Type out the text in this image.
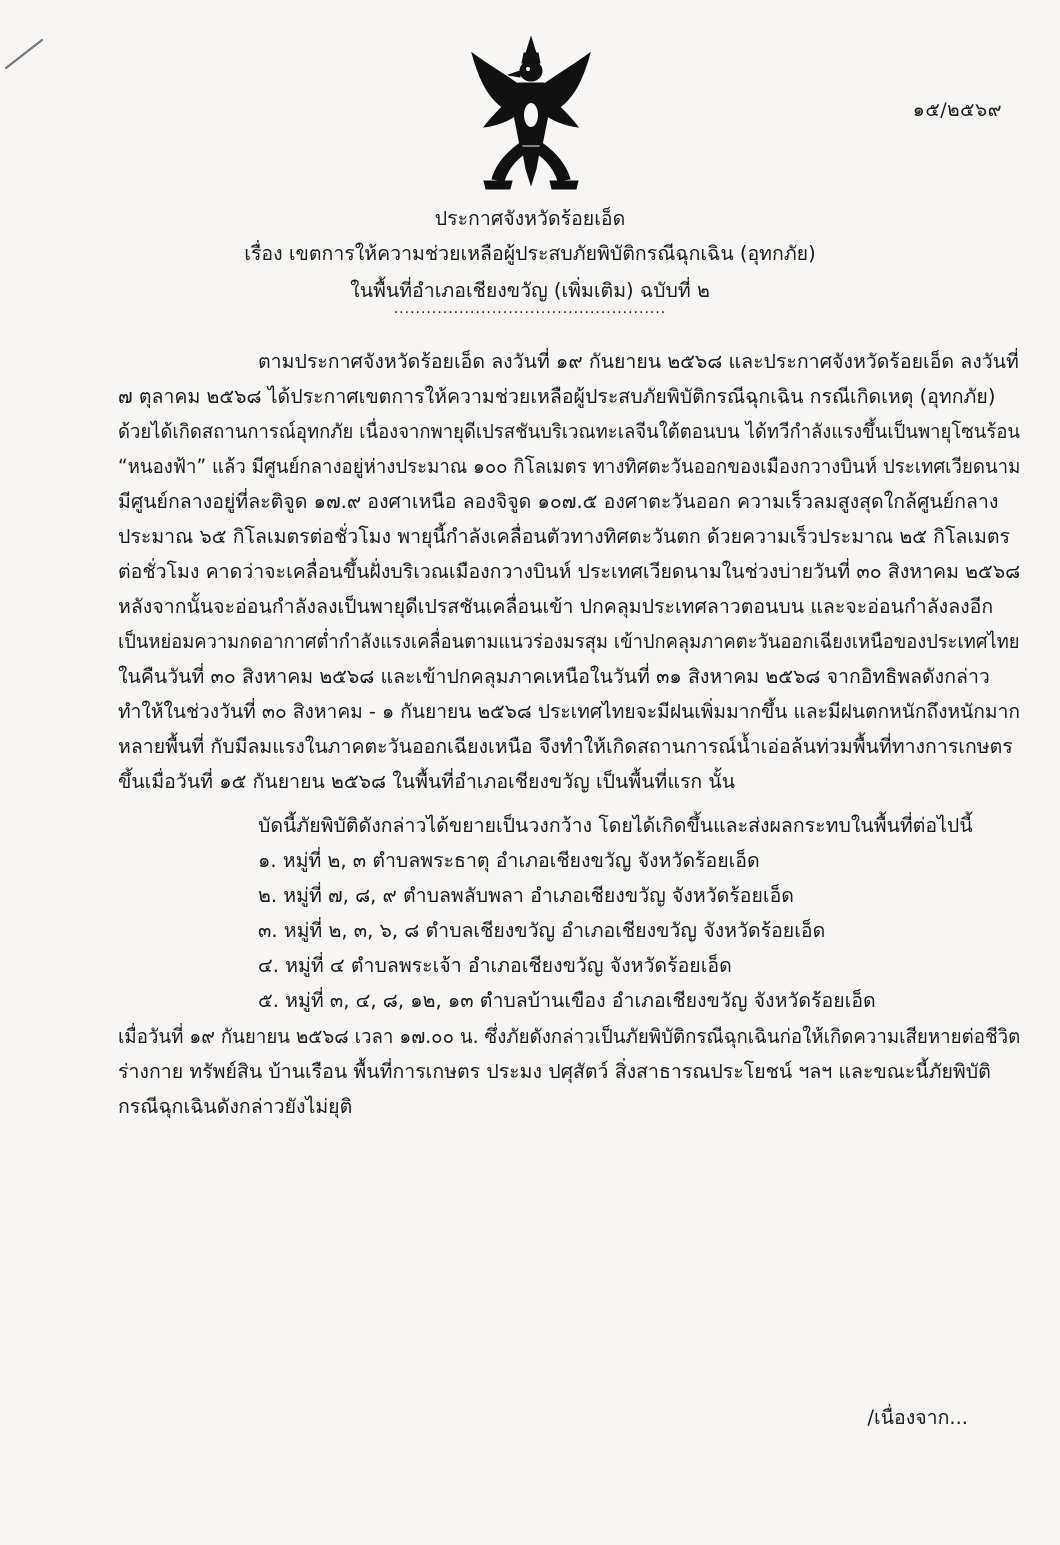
๑๕/๒๕๖๙
ประกาศจังหวัดร้อยเอ็ด
เรื่อง เขตการให้ความช่วยเหลือผู้ประสบภัยพิบัติกรณีฉุกเฉิน (อุทกภัย)
ในพื้นที่อำเภอเชียงขวัญ (เพิ่มเติม) ฉบับที่ ๒
..................................................
ตามประกาศจังหวัดร้อยเอ็ด ลงวันที่ ๑๙ กันยายน ๒๕๖๘ และประกาศจังหวัดร้อยเอ็ด ลงวันที่
๗ ตุลาคม ๒๕๖๘ ได้ประกาศเขตการให้ความช่วยเหลือผู้ประสบภัยพิบัติกรณีฉุกเฉิน กรณีเกิดเหตุ (อุทกภัย)
ด้วยได้เกิดสถานการณ์อุทกภัย เนื่องจากพายุดีเปรสชันบริเวณทะเลจีนใต้ตอนบน ได้ทวีกำลังแรงขึ้นเป็นพายุโซนร้อน
“หนองฟ้า” แล้ว มีศูนย์กลางอยู่ห่างประมาณ ๑๐๐ กิโลเมตร ทางทิศตะวันออกของเมืองกวางบินห์ ประเทศเวียดนาม
มีศูนย์กลางอยู่ที่ละติจูด ๑๗.๙ องศาเหนือ ลองจิจูด ๑๐๗.๕ องศาตะวันออก ความเร็วลมสูงสุดใกล้ศูนย์กลาง
ประมาณ ๖๕ กิโลเมตรต่อชั่วโมง พายุนี้กำลังเคลื่อนตัวทางทิศตะวันตก ด้วยความเร็วประมาณ ๒๕ กิโลเมตร
ต่อชั่วโมง คาดว่าจะเคลื่อนขึ้นฝั่งบริเวณเมืองกวางบินห์ ประเทศเวียดนามในช่วงบ่ายวันที่ ๓๐ สิงหาคม ๒๕๖๘
หลังจากนั้นจะอ่อนกำลังลงเป็นพายุดีเปรสชันเคลื่อนเข้า ปกคลุมประเทศลาวตอนบน และจะอ่อนกำลังลงอีก
เป็นหย่อมความกดอากาศต่ำกำลังแรงเคลื่อนตามแนวร่องมรสุม เข้าปกคลุมภาคตะวันออกเฉียงเหนือของประเทศไทย
ในคืนวันที่ ๓๐ สิงหาคม ๒๕๖๘ และเข้าปกคลุมภาคเหนือในวันที่ ๓๑ สิงหาคม ๒๕๖๘ จากอิทธิพลดังกล่าว
ทำให้ในช่วงวันที่ ๓๐ สิงหาคม - ๑ กันยายน ๒๕๖๘ ประเทศไทยจะมีฝนเพิ่มมากขึ้น และมีฝนตกหนักถึงหนักมาก
หลายพื้นที่ กับมีลมแรงในภาคตะวันออกเฉียงเหนือ จึงทำให้เกิดสถานการณ์น้ำเอ่อล้นท่วมพื้นที่ทางการเกษตร
ขึ้นเมื่อวันที่ ๑๕ กันยายน ๒๕๖๘ ในพื้นที่อำเภอเชียงขวัญ เป็นพื้นที่แรก นั้น
บัดนี้ภัยพิบัติดังกล่าวได้ขยายเป็นวงกว้าง โดยได้เกิดขึ้นและส่งผลกระทบในพื้นที่ต่อไปนี้
๑. หมู่ที่ ๒, ๓ ตำบลพระธาตุ อำเภอเชียงขวัญ จังหวัดร้อยเอ็ด
๒. หมู่ที่ ๗, ๘, ๙ ตำบลพลับพลา อำเภอเชียงขวัญ จังหวัดร้อยเอ็ด
๓. หมู่ที่ ๒, ๓, ๖, ๘ ตำบลเชียงขวัญ อำเภอเชียงขวัญ จังหวัดร้อยเอ็ด
๔. หมู่ที่ ๔ ตำบลพระเจ้า อำเภอเชียงขวัญ จังหวัดร้อยเอ็ด
๕. หมู่ที่ ๓, ๔, ๘, ๑๒, ๑๓ ตำบลบ้านเขือง อำเภอเชียงขวัญ จังหวัดร้อยเอ็ด
เมื่อวันที่ ๑๙ กันยายน ๒๕๖๘ เวลา ๑๗.๐๐ น. ซึ่งภัยดังกล่าวเป็นภัยพิบัติกรณีฉุกเฉินก่อให้เกิดความเสียหายต่อชีวิต
ร่างกาย ทรัพย์สิน บ้านเรือน พื้นที่การเกษตร ประมง ปศุสัตว์ สิ่งสาธารณประโยชน์ ฯลฯ และขณะนี้ภัยพิบัติ
กรณีฉุกเฉินดังกล่าวยังไม่ยุติ
/เนื่องจาก...
